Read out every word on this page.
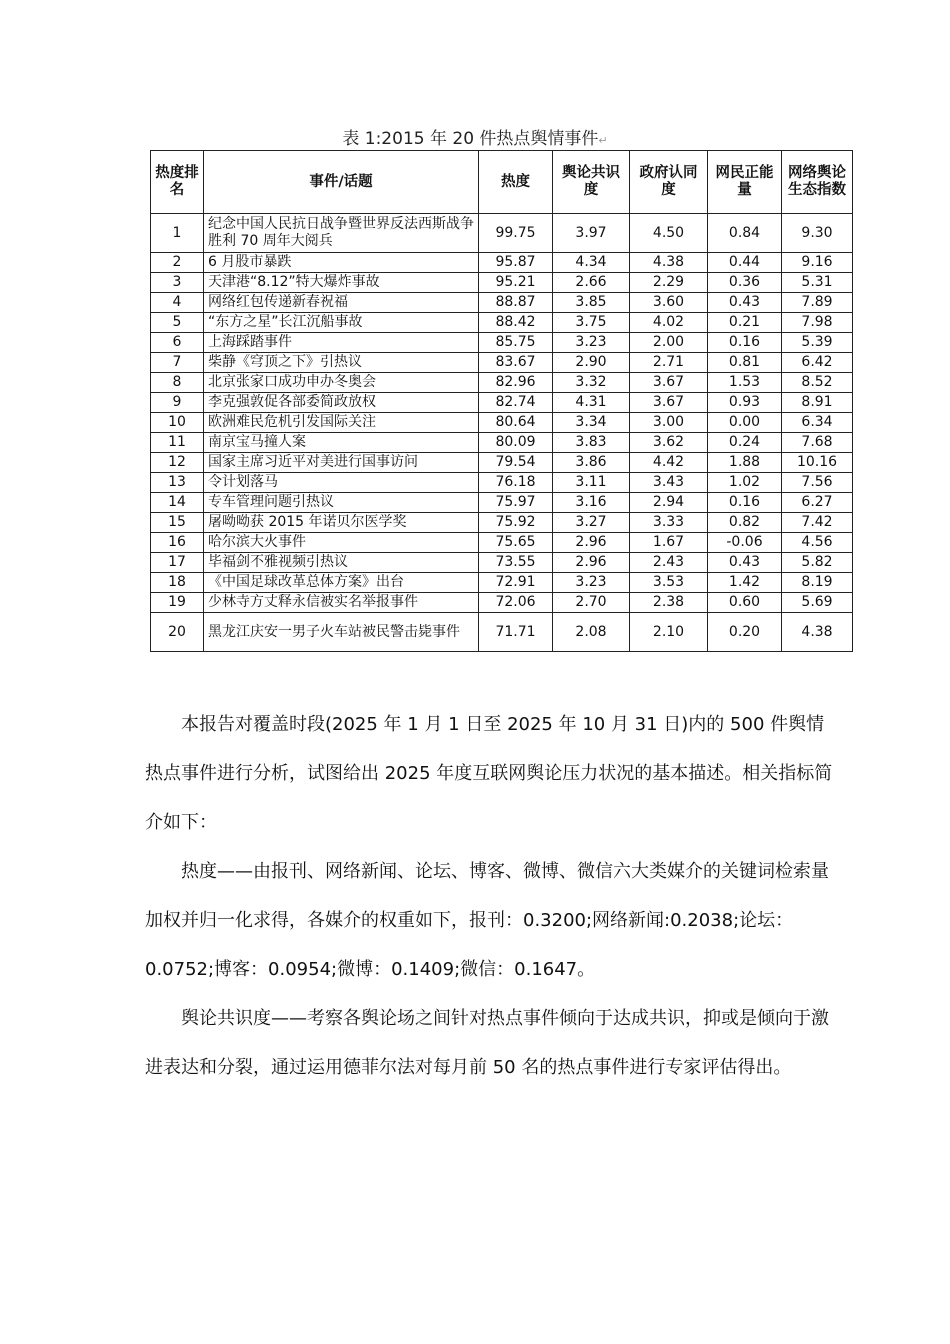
表 1:2015 年 20 件热点舆情事件↵
热度排名	事件/话题	热度	舆论共识度	政府认同度	网民正能量	网络舆论生态指数
1	纪念中国人民抗日战争暨世界反法西斯战争胜利 70 周年大阅兵	99.75	3.97	4.50	0.84	9.30
2	6 月股市暴跌	95.87	4.34	4.38	0.44	9.16
3	天津港“8.12”特大爆炸事故	95.21	2.66	2.29	0.36	5.31
4	网络红包传递新春祝福	88.87	3.85	3.60	0.43	7.89
5	“东方之星”长江沉船事故	88.42	3.75	4.02	0.21	7.98
6	上海踩踏事件	85.75	3.23	2.00	0.16	5.39
7	柴静《穹顶之下》引热议	83.67	2.90	2.71	0.81	6.42
8	北京张家口成功申办冬奥会	82.96	3.32	3.67	1.53	8.52
9	李克强敦促各部委简政放权	82.74	4.31	3.67	0.93	8.91
10	欧洲难民危机引发国际关注	80.64	3.34	3.00	0.00	6.34
11	南京宝马撞人案	80.09	3.83	3.62	0.24	7.68
12	国家主席习近平对美进行国事访问	79.54	3.86	4.42	1.88	10.16
13	令计划落马	76.18	3.11	3.43	1.02	7.56
14	专车管理问题引热议	75.97	3.16	2.94	0.16	6.27
15	屠呦呦获 2015 年诺贝尔医学奖	75.92	3.27	3.33	0.82	7.42
16	哈尔滨大火事件	75.65	2.96	1.67	-0.06	4.56
17	毕福剑不雅视频引热议	73.55	2.96	2.43	0.43	5.82
18	《中国足球改革总体方案》出台	72.91	3.23	3.53	1.42	8.19
19	少林寺方丈释永信被实名举报事件	72.06	2.70	2.38	0.60	5.69
20	黑龙江庆安一男子火车站被民警击毙事件	71.71	2.08	2.10	0.20	4.38

本报告对覆盖时段(2025 年 1 月 1 日至 2025 年 10 月 31 日)内的 500 件舆情热点事件进行分析，试图给出 2025 年度互联网舆论压力状况的基本描述。相关指标简介如下：

热度——由报刊、网络新闻、论坛、博客、微博、微信六大类媒介的关键词检索量加权并归一化求得，各媒介的权重如下，报刊：0.3200;网络新闻:0.2038;论坛：0.0752;博客：0.0954;微博：0.1409;微信：0.1647。

舆论共识度——考察各舆论场之间针对热点事件倾向于达成共识，抑或是倾向于激进表达和分裂，通过运用德菲尔法对每月前 50 名的热点事件进行专家评估得出。
